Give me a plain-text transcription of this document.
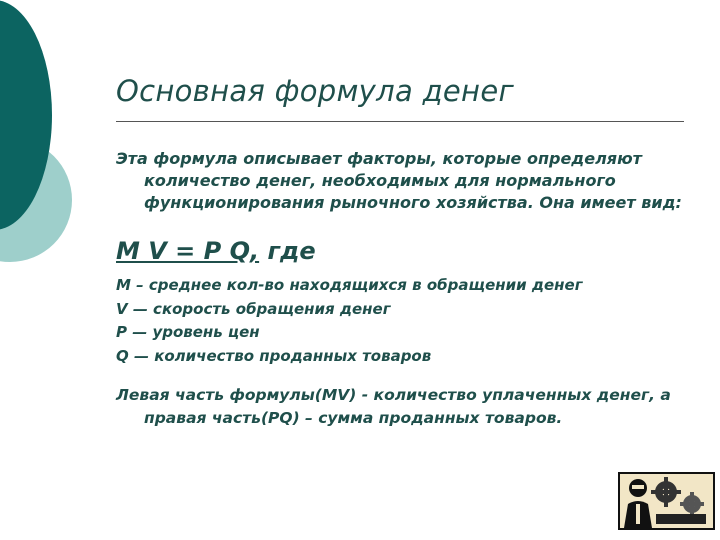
Основная формула денег

Эта формула описывает факторы, которые определяют количество денег, необходимых для нормального функционирования рыночного хозяйства. Она имеет вид:

M V = P Q, где
M – среднее кол-во находящихся в обращении денег
V — скорость обращения денег
P — уровень цен
Q — количество проданных товаров

Левая часть формулы(MV) - количество уплаченных денег, а правая часть(PQ) – сумма проданных товаров.
